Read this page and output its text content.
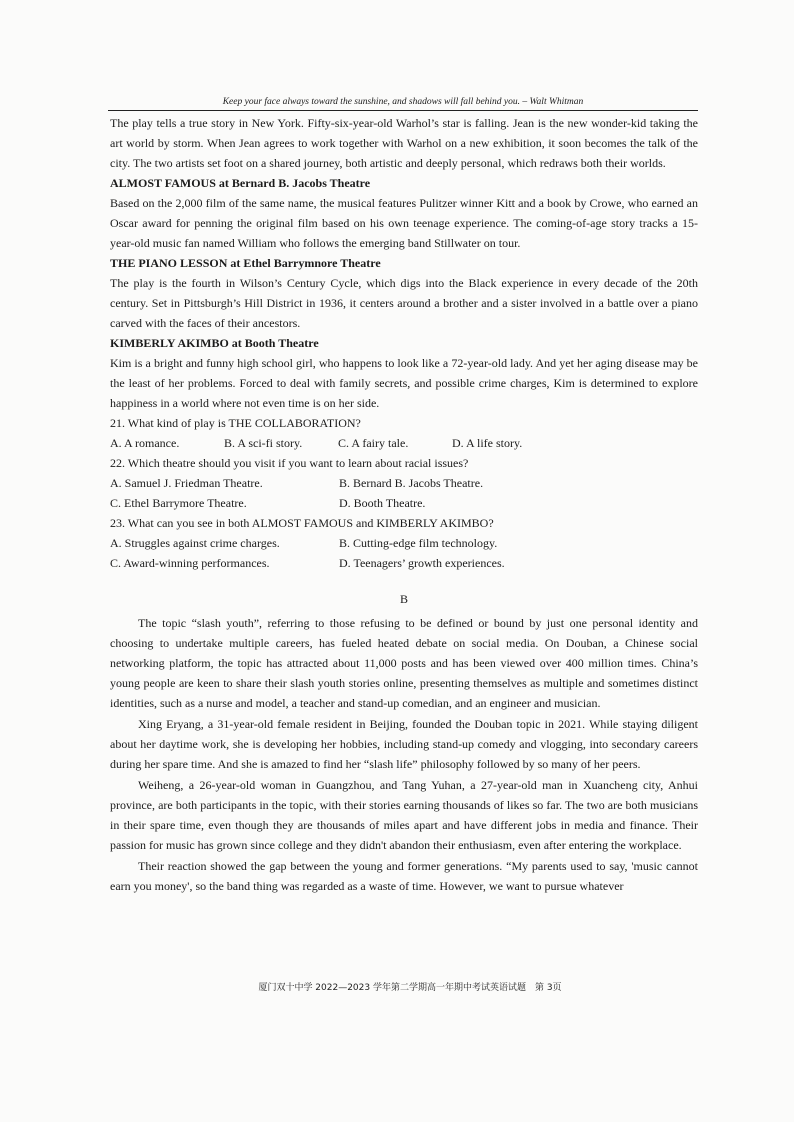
Keep your face always toward the sunshine, and shadows will fall behind you. – Walt Whitman

The play tells a true story in New York. Fifty-six-year-old Warhol’s star is falling. Jean is the new wonder-kid taking the art world by storm. When Jean agrees to work together with Warhol on a new exhibition, it soon becomes the talk of the city. The two artists set foot on a shared journey, both artistic and deeply personal, which redraws both their worlds.

ALMOST FAMOUS at Bernard B. Jacobs Theatre

Based on the 2,000 film of the same name, the musical features Pulitzer winner Kitt and a book by Crowe, who earned an Oscar award for penning the original film based on his own teenage experience. The coming-of-age story tracks a 15-year-old music fan named William who follows the emerging band Stillwater on tour.

THE PIANO LESSON at Ethel Barrymnore Theatre

The play is the fourth in Wilson’s Century Cycle, which digs into the Black experience in every decade of the 20th century. Set in Pittsburgh’s Hill District in 1936, it centers around a brother and a sister involved in a battle over a piano carved with the faces of their ancestors.

KIMBERLY AKIMBO at Booth Theatre

Kim is a bright and funny high school girl, who happens to look like a 72-year-old lady. And yet her aging disease may be the least of her problems. Forced to deal with family secrets, and possible crime charges, Kim is determined to explore happiness in a world where not even time is on her side.

21. What kind of play is THE COLLABORATION?

A. A romance.	B. A sci-fi story.	C. A fairy tale.	D. A life story.

22. Which theatre should you visit if you want to learn about racial issues?

A. Samuel J. Friedman Theatre.	B. Bernard B. Jacobs Theatre.
C. Ethel Barrymore Theatre.	D. Booth Theatre.

23. What can you see in both ALMOST FAMOUS and KIMBERLY AKIMBO?

A. Struggles against crime charges.	B. Cutting-edge film technology.
C. Award-winning performances.	D. Teenagers’ growth experiences.

B

The topic “slash youth”, referring to those refusing to be defined or bound by just one personal identity and choosing to undertake multiple careers, has fueled heated debate on social media. On Douban, a Chinese social networking platform, the topic has attracted about 11,000 posts and has been viewed over 400 million times. China’s young people are keen to share their slash youth stories online, presenting themselves as multiple and sometimes distinct identities, such as a nurse and model, a teacher and stand-up comedian, and an engineer and musician.

Xing Eryang, a 31-year-old female resident in Beijing, founded the Douban topic in 2021. While staying diligent about her daytime work, she is developing her hobbies, including stand-up comedy and vlogging, into secondary careers during her spare time. And she is amazed to find her “slash life” philosophy followed by so many of her peers.

Weiheng, a 26-year-old woman in Guangzhou, and Tang Yuhan, a 27-year-old man in Xuancheng city, Anhui province, are both participants in the topic, with their stories earning thousands of likes so far. The two are both musicians in their spare time, even though they are thousands of miles apart and have different jobs in media and finance. Their passion for music has grown since college and they didn't abandon their enthusiasm, even after entering the workplace.

Their reaction showed the gap between the young and former generations. “My parents used to say, 'music cannot earn you money', so the band thing was regarded as a waste of time. However, we want to pursue whatever

厦门双十中学 2022—2023 学年第二学期高一年期中考试英语试题　第 3页
